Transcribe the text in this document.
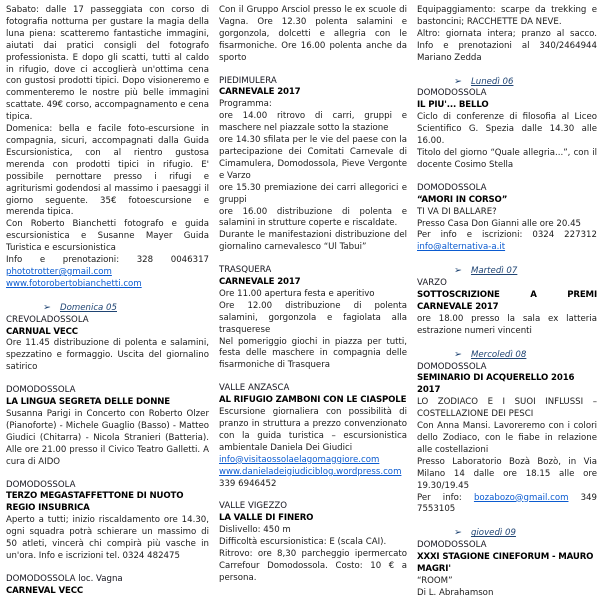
Sabato: dalle 17 passeggiata con corso di fotografia notturna per gustare la magia della luna piena: scatteremo fantastiche immagini, aiutati dai pratici consigli del fotografo professionista. E dopo gli scatti, tutti al caldo in rifugio, dove ci accoglierà un'ottima cena con gustosi prodotti tipici. Dopo visioneremo e commenteremo le nostre più belle immagini scattate. 49€ corso, accompagnamento e cena tipica.
Domenica: bella e facile foto-escursione in compagnia, sicuri, accompagnati dalla Guida Escursionistica, con al rientro gustosa merenda con prodotti tipici in rifugio. E' possibile pernottare presso i rifugi e agriturismi godendosi al massimo i paesaggi il giorno seguente. 35€ fotoescursione e merenda tipica.
Con Roberto Bianchetti fotografo e guida escursionistica e Susanne Mayer Guida Turistica e escursionistica
Info e prenotazioni: 328 0046317
phototrotter@gmail.com
www.fotorobertobianchetti.com
➢ Domenica 05
CREVOLADOSSOLA
CARNUAL VECC
Ore 11.45 distribuzione di polenta e salamini, spezzatino e formaggio. Uscita del giornalino satirico
DOMODOSSOLA
LA LINGUA SEGRETA DELLE DONNE
Susanna Parigi in Concerto con Roberto Olzer (Pianoforte) - Michele Guaglio (Basso) - Matteo Giudici (Chitarra) - Nicola Stranieri (Batteria). Alle ore 21.00 presso il Civico Teatro Galletti. A cura di AIDO
DOMODOSSOLA
TERZO MEGASTAFFETTONE DI NUOTO REGIO INSUBRICA
Aperto a tutti; inizio riscaldamento ore 14.30, ogni squadra potrà schierare un massimo di 50 atleti, vincerà chi compirà più vasche in un'ora. Info e iscrizioni tel. 0324 482475
DOMODOSSOLA loc. Vagna
CARNEVAL VECC
Con il Gruppo Arsciol presso le ex scuole di Vagna. Ore 12.30 polenta salamini e gorgonzola, dolcetti e allegria con le fisarmoniche. Ore 16.00 polenta anche da sporto
PIEDIMULERA
CARNEVALE 2017
Programma:
ore 14.00 ritrovo di carri, gruppi e maschere nel piazzale sotto la stazione
ore 14.30 sfilata per le vie del paese con la partecipazione dei Comitati Carnevale di Cimamulera, Domodossola, Pieve Vergonte e Varzo
ore 15.30 premiazione dei carri allegorici e gruppi
ore 16.00 distribuzione di polenta e salamini in strutture coperte e riscaldate.
Durante le manifestazioni distribuzione del giornalino carnevalesco “Ul Tabui”
TRASQUERA
CARNEVALE 2017
Ore 11.00 apertura festa e aperitivo
Ore 12.00 distribuzione di polenta salamini, gorgonzola e fagiolata alla trasquerese
Nel pomeriggio giochi in piazza per tutti, festa delle maschere in compagnia delle fisarmoniche di Trasquera
VALLE ANZASCA
AL RIFUGIO ZAMBONI CON LE CIASPOLE
Escursione giornaliera con possibilità di pranzo in struttura a prezzo convenzionato con la guida turistica – escursionistica ambientale Daniela Dei Giudici
info@visitaossolaelagomaggiore.com
www.danieladeigiudiciblog.wordpress.com
339 6946452
VALLE VIGEZZO
LA VALLE DI FINERO
Dislivello: 450 m
Difficoltà escursionistica: E (scala CAI).
Ritrovo: ore 8,30 parcheggio ipermercato Carrefour Domodossola. Costo: 10 € a persona.
Equipaggiamento: scarpe da trekking e bastoncini; RACCHETTE DA NEVE.
Altro: giornata intera; pranzo al sacco. Info e prenotazioni al 340/2464944 Mariano Zedda
➢ Lunedì 06
DOMODOSSOLA
IL PIU'... BELLO
Ciclo di conferenze di filosofia al Liceo Scientifico G. Spezia dalle 14.30 alle 16.00.
Titolo del giorno “Quale allegria...”, con il docente Cosimo Stella
DOMODOSSOLA
“AMORI IN CORSO”
TI VA DI BALLARE?
Presso Casa Don Gianni alle ore 20.45
Per info e iscrizioni: 0324 227312 info@alternativa-a.it
➢ Martedì 07
VARZO
SOTTOSCRIZIONE A PREMI
CARNEVALE 2017
ore 18.00 presso la sala ex latteria estrazione numeri vincenti
➢ Mercoledì 08
DOMODOSSOLA
SEMINARIO DI ACQUERELLO 2016 2017
LO ZODIACO E I SUOI INFLUSSI – COSTELLAZIONE DEI PESCI
Con Anna Mansi. Lavoreremo con i colori dello Zodiaco, con le fiabe in relazione alle costellazioni
Presso Laboratorio Bozà Bozò, in Via Milano 14 dalle ore 18.15 alle ore 19.30/19.45
Per info: bozabozo@gmail.com 349 7553105
➢ giovedì 09
DOMODOSSOLA
XXXI STAGIONE CINEFORUM - MAURO MAGRI'
“ROOM”
Di L. Abrahamson
